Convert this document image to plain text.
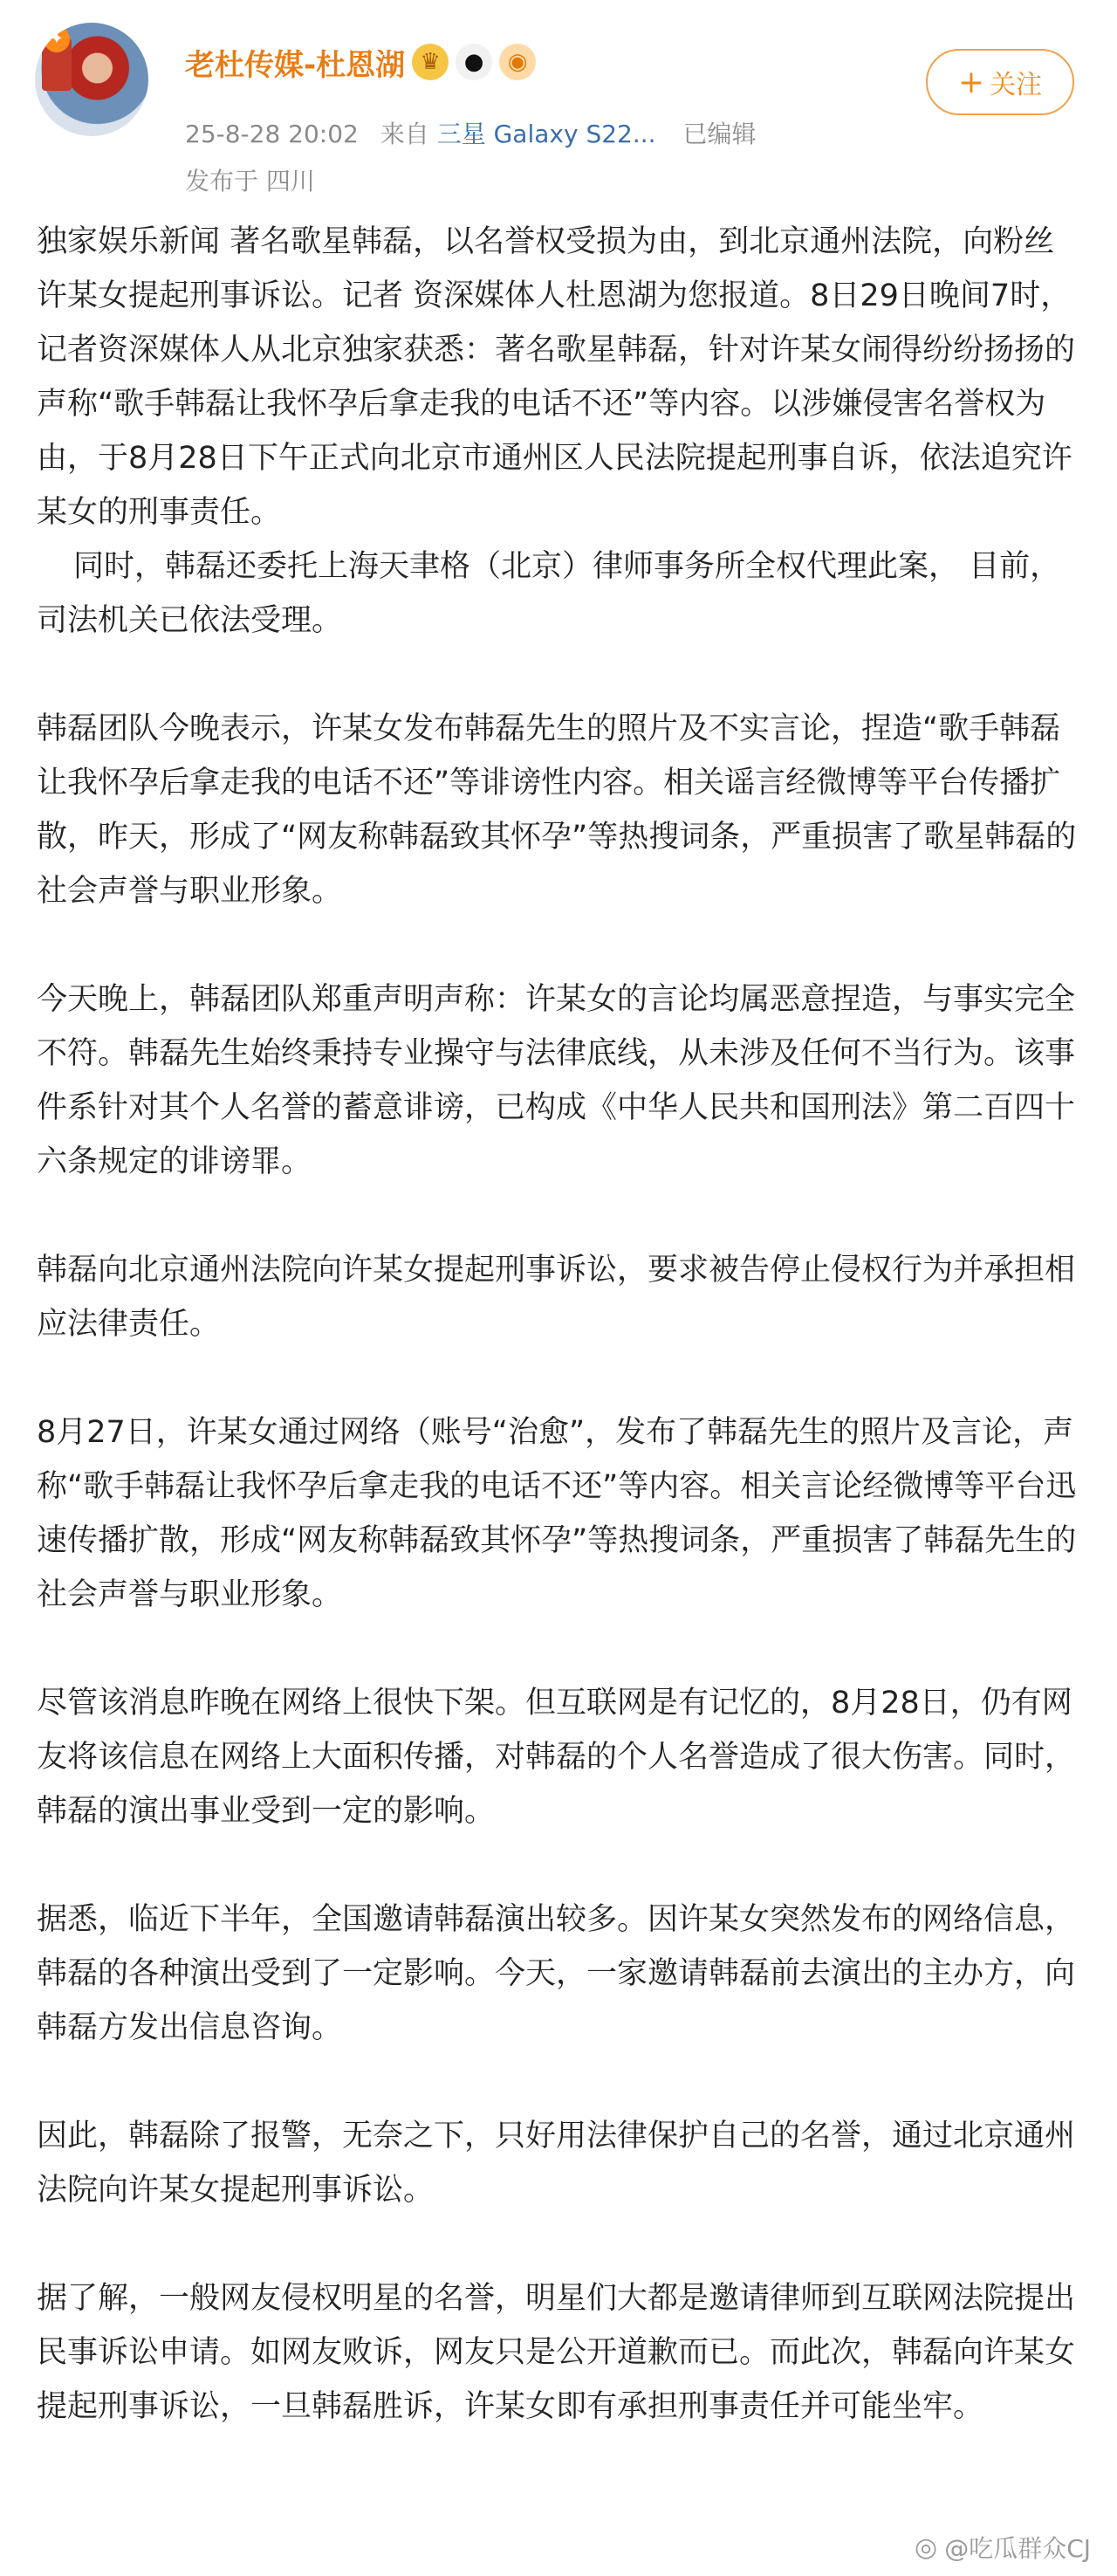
✦
老杜传媒-杜恩湖 ♛	●	◉
25-8-28 20:02 来自 三星 Galaxy S22... 已编辑
发布于 四川
+ 关注

独家娱乐新闻 著名歌星韩磊，以名誉权受损为由，到北京通州法院，向粉丝许某女提起刑事诉讼。记者 资深媒体人杜恩湖为您报道。8日29日晚间7时，记者资深媒体人从北京独家获悉：著名歌星韩磊，针对许某女闹得纷纷扬扬的声称“歌手韩磊让我怀孕后拿走我的电话不还”等内容。以涉嫌侵害名誉权为由，于8月28日下午正式向北京市通州区人民法院提起刑事自诉，依法追究许某女的刑事责任。

同时，韩磊还委托上海天聿格（北京）律师事务所全权代理此案， 目前，司法机关已依法受理。

韩磊团队今晚表示，许某女发布韩磊先生的照片及不实言论，捏造“歌手韩磊让我怀孕后拿走我的电话不还”等诽谤性内容。相关谣言经微博等平台传播扩散，昨天，形成了“网友称韩磊致其怀孕”等热搜词条，严重损害了歌星韩磊的社会声誉与职业形象。

今天晚上，韩磊团队郑重声明声称：许某女的言论均属恶意捏造，与事实完全不符。韩磊先生始终秉持专业操守与法律底线，从未涉及任何不当行为。该事件系针对其个人名誉的蓄意诽谤，已构成《中华人民共和国刑法》第二百四十六条规定的诽谤罪。

韩磊向北京通州法院向许某女提起刑事诉讼，要求被告停止侵权行为并承担相应法律责任。

8月27日，许某女通过网络（账号“治愈”，发布了韩磊先生的照片及言论，声称“歌手韩磊让我怀孕后拿走我的电话不还”等内容。相关言论经微博等平台迅速传播扩散，形成“网友称韩磊致其怀孕”等热搜词条，严重损害了韩磊先生的社会声誉与职业形象。

尽管该消息昨晚在网络上很快下架。但互联网是有记忆的，8月28日，仍有网友将该信息在网络上大面积传播，对韩磊的个人名誉造成了很大伤害。同时，韩磊的演出事业受到一定的影响。

据悉，临近下半年，全国邀请韩磊演出较多。因许某女突然发布的网络信息，韩磊的各种演出受到了一定影响。今天，一家邀请韩磊前去演出的主办方，向韩磊方发出信息咨询。

因此，韩磊除了报警，无奈之下，只好用法律保护自己的名誉，通过北京通州法院向许某女提起刑事诉讼。

据了解，一般网友侵权明星的名誉，明星们大都是邀请律师到互联网法院提出民事诉讼申请。如网友败诉，网友只是公开道歉而已。而此次，韩磊向许某女提起刑事诉讼，一旦韩磊胜诉，许某女即有承担刑事责任并可能坐牢。

◎ @吃瓜群众CJ
